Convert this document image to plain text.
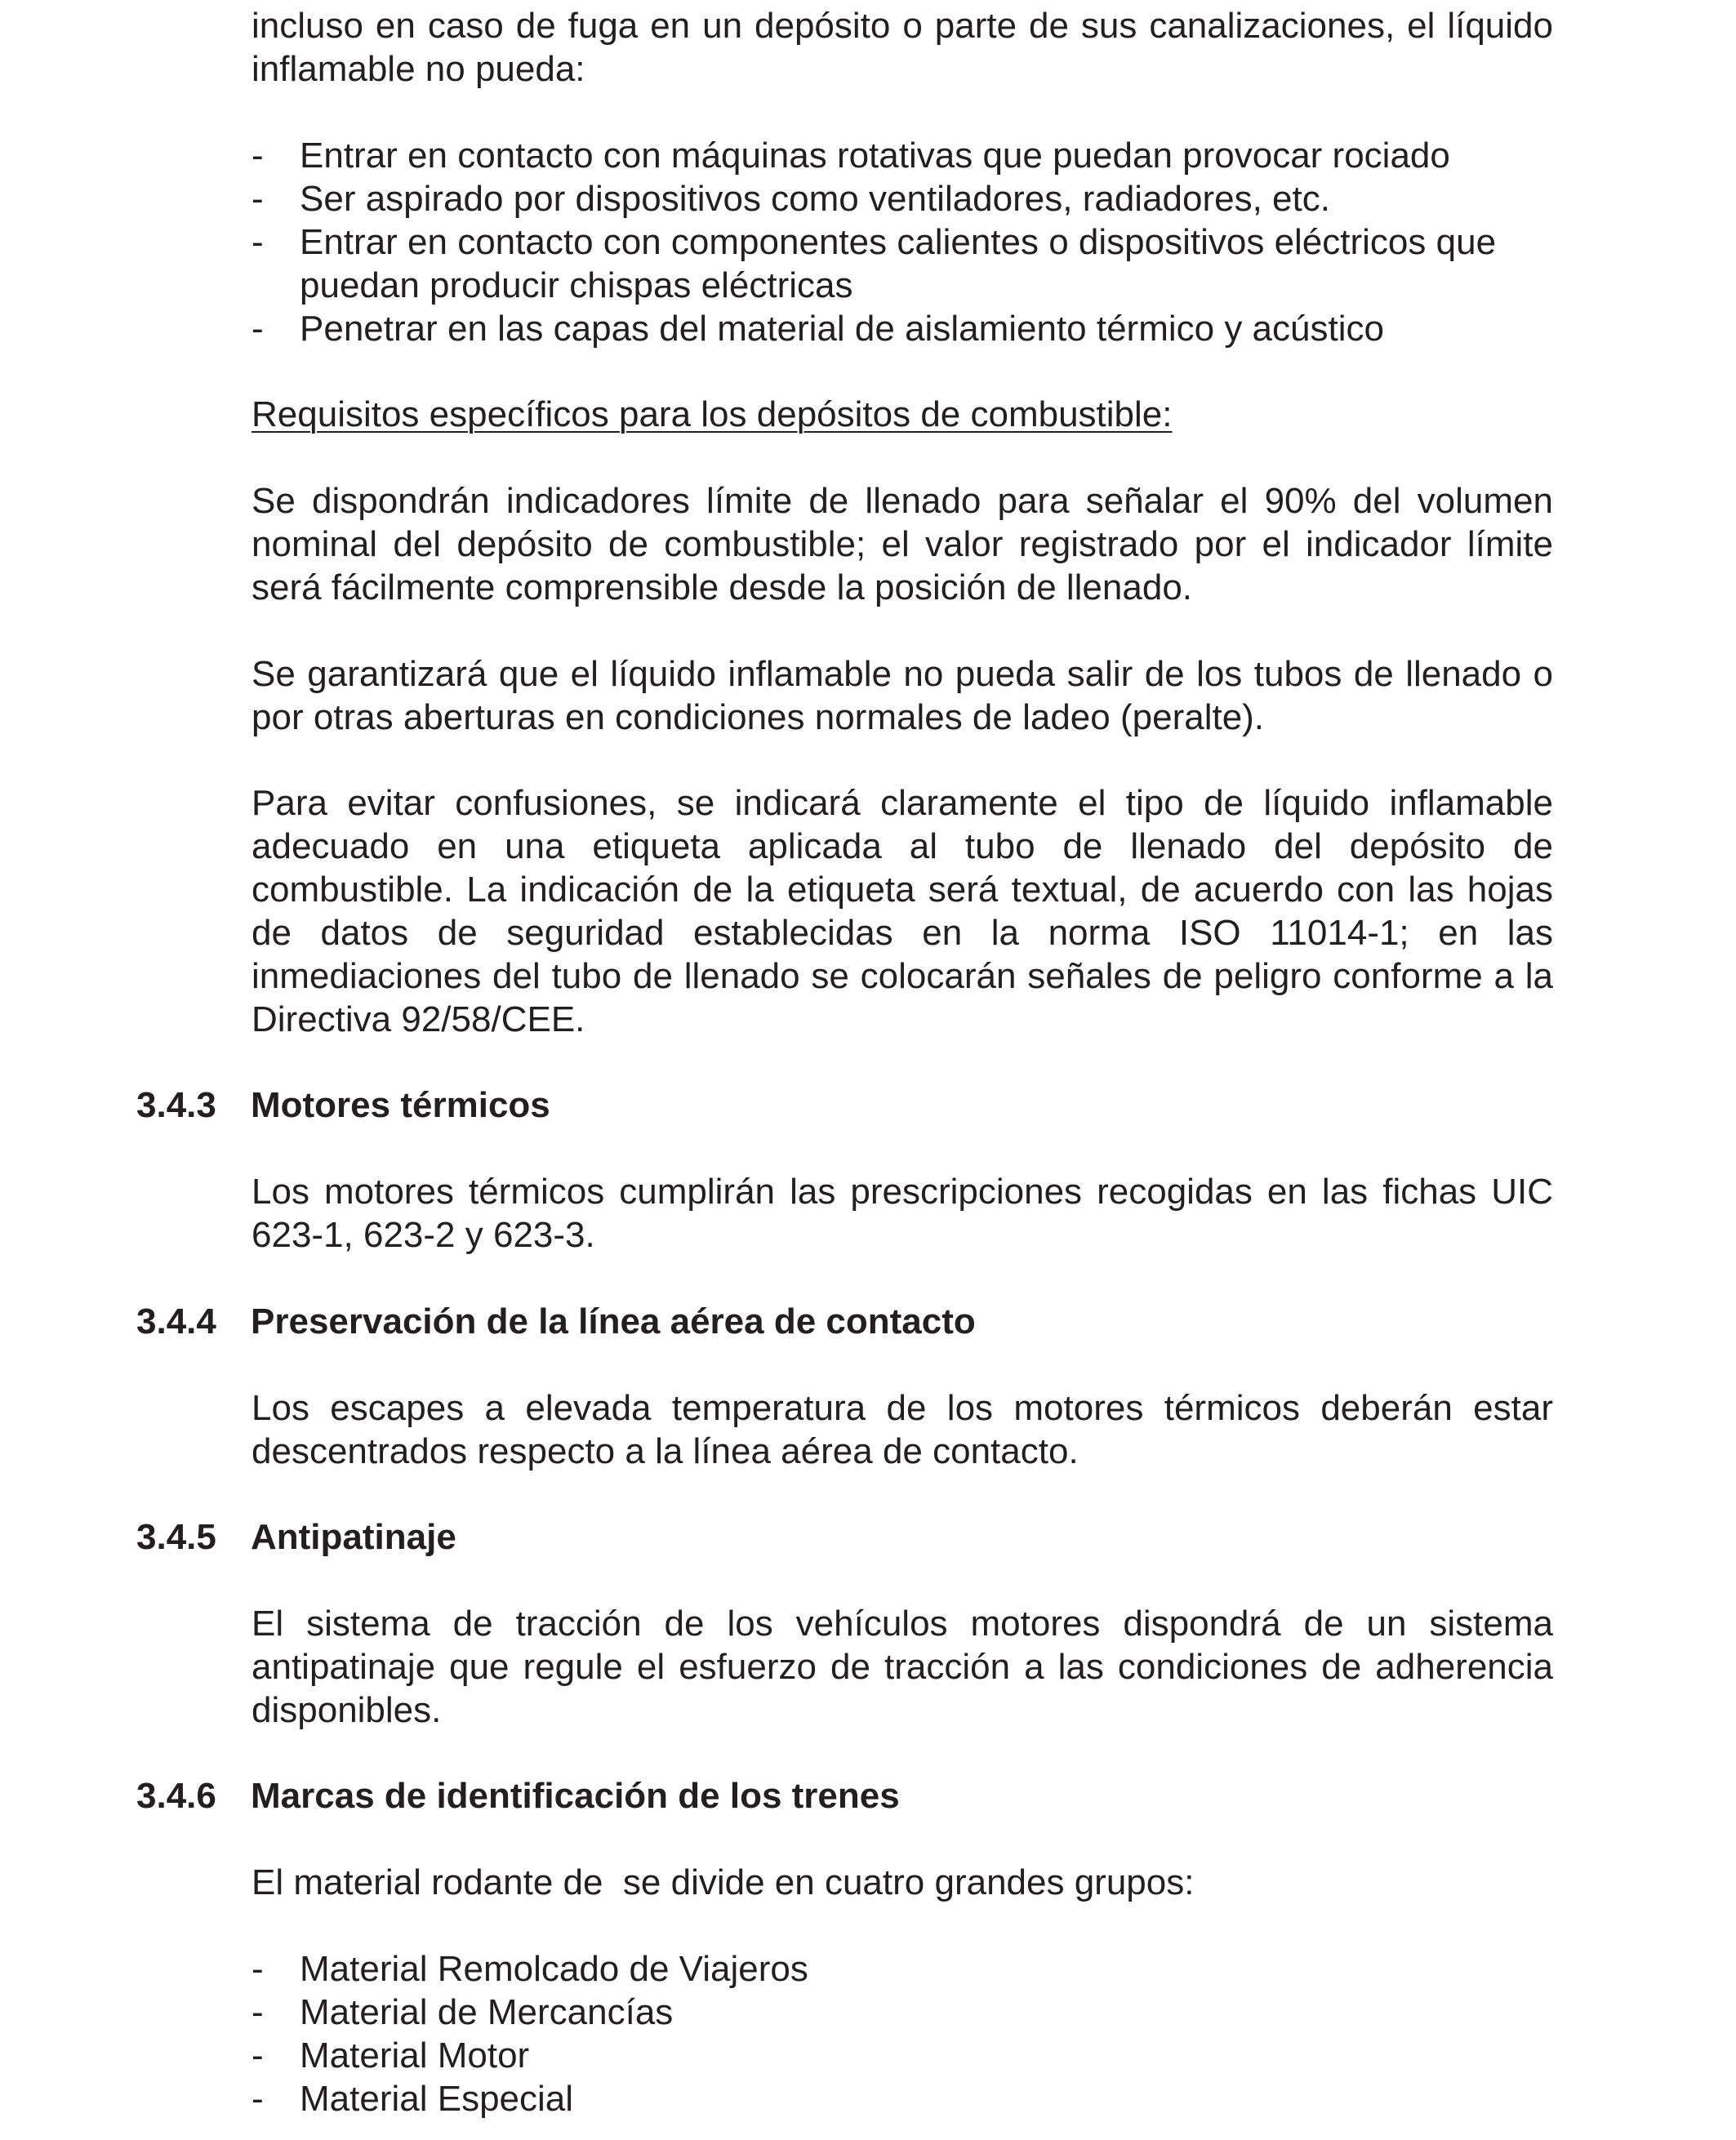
incluso en caso de fuga en un depósito o parte de sus canalizaciones, el líquido inflamable no pueda:

- Entrar en contacto con máquinas rotativas que puedan provocar rociado
- Ser aspirado por dispositivos como ventiladores, radiadores, etc.
- Entrar en contacto con componentes calientes o dispositivos eléctricos que puedan producir chispas eléctricas
- Penetrar en las capas del material de aislamiento térmico y acústico

Requisitos específicos para los depósitos de combustible:

Se dispondrán indicadores límite de llenado para señalar el 90% del volumen nominal del depósito de combustible; el valor registrado por el indicador límite será fácilmente comprensible desde la posición de llenado.

Se garantizará que el líquido inflamable no pueda salir de los tubos de llenado o por otras aberturas en condiciones normales de ladeo (peralte).

Para evitar confusiones, se indicará claramente el tipo de líquido inflamable adecuado en una etiqueta aplicada al tubo de llenado del depósito de combustible. La indicación de la etiqueta será textual, de acuerdo con las hojas de datos de seguridad establecidas en la norma ISO 11014-1; en las inmediaciones del tubo de llenado se colocarán señales de peligro conforme a la Directiva 92/58/CEE.

3.4.3 Motores térmicos

Los motores térmicos cumplirán las prescripciones recogidas en las fichas UIC 623-1, 623-2 y 623-3.

3.4.4 Preservación de la línea aérea de contacto

Los escapes a elevada temperatura de los motores térmicos deberán estar descentrados respecto a la línea aérea de contacto.

3.4.5 Antipatinaje

El sistema de tracción de los vehículos motores dispondrá de un sistema antipatinaje que regule el esfuerzo de tracción a las condiciones de adherencia disponibles.

3.4.6 Marcas de identificación de los trenes

El material rodante de  se divide en cuatro grandes grupos:

- Material Remolcado de Viajeros
- Material de Mercancías
- Material Motor
- Material Especial
